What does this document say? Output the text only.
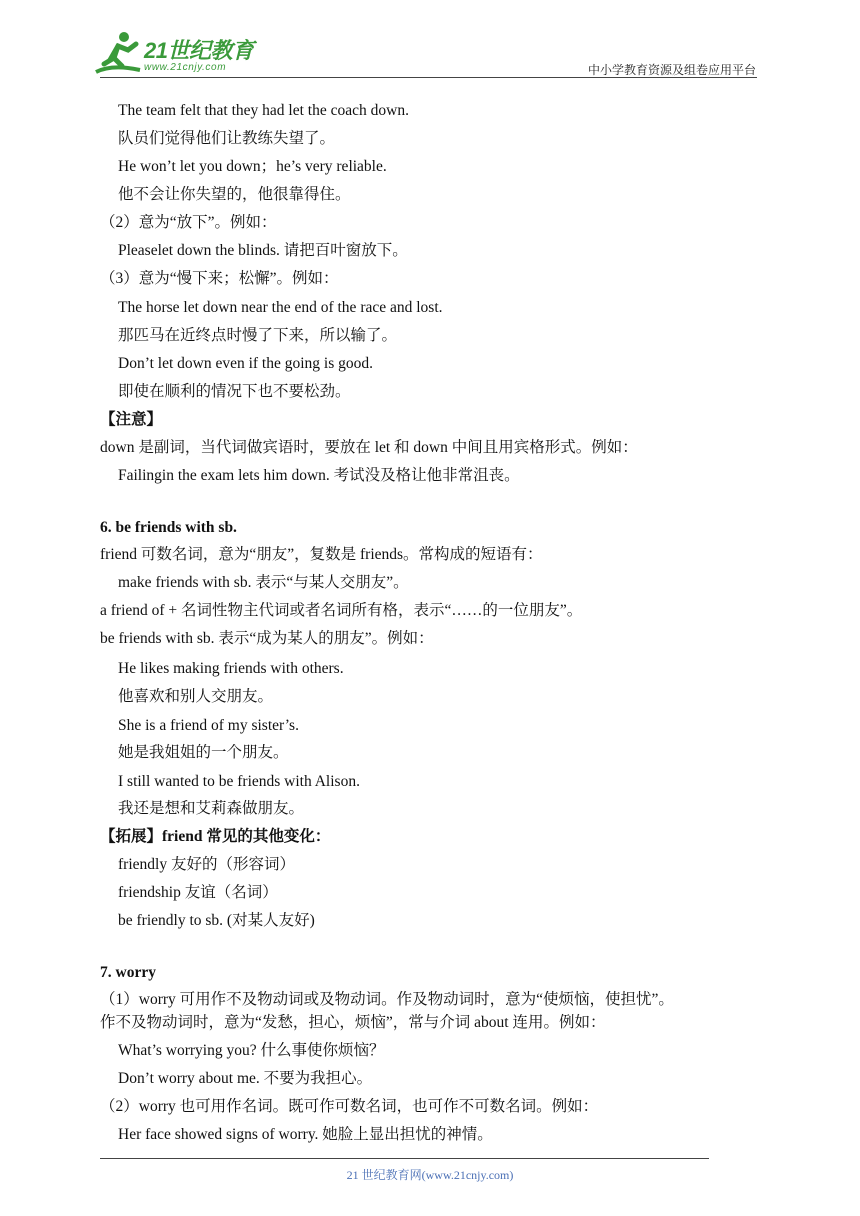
21世纪教育
www.21cnjy.com	中小学教育资源及组卷应用平台
The team felt that they had let the coach down.
队员们觉得他们让教练失望了。
He won’t let you down；he’s very reliable.
他不会让你失望的，他很靠得住。
（2）意为“放下”。例如：
Pleaselet down the blinds. 请把百叶窗放下。
（3）意为“慢下来；松懈”。例如：
The horse let down near the end of the race and lost.
那匹马在近终点时慢了下来，所以输了。
Don’t let down even if the going is good.
即使在顺利的情况下也不要松劲。
【注意】
down 是副词，当代词做宾语时，要放在 let 和 down 中间且用宾格形式。例如：
Failingin the exam lets him down. 考试没及格让他非常沮丧。
6. be friends with sb.
friend 可数名词，意为“朋友”，复数是 friends。常构成的短语有：
make friends with sb. 表示“与某人交朋友”。
a friend of + 名词性物主代词或者名词所有格，表示“……的一位朋友”。
be friends with sb. 表示“成为某人的朋友”。例如：
He likes making friends with others.
他喜欢和别人交朋友。
She is a friend of my sister’s.
她是我姐姐的一个朋友。
I still wanted to be friends with Alison.
我还是想和艾莉森做朋友。
【拓展】friend 常见的其他变化：
friendly 友好的（形容词）
friendship 友谊（名词）
be friendly to sb. (对某人友好)
7. worry
（1）worry 可用作不及物动词或及物动词。作及物动词时，意为“使烦恼，使担忧”。
作不及物动词时，意为“发愁，担心，烦恼”，常与介词 about 连用。例如：
What’s worrying you? 什么事使你烦恼？
Don’t worry about me. 不要为我担心。
（2）worry 也可用作名词。既可作可数名词，也可作不可数名词。例如：
Her face showed signs of worry. 她脸上显出担忧的神情。
21 世纪教育网(www.21cnjy.com)
